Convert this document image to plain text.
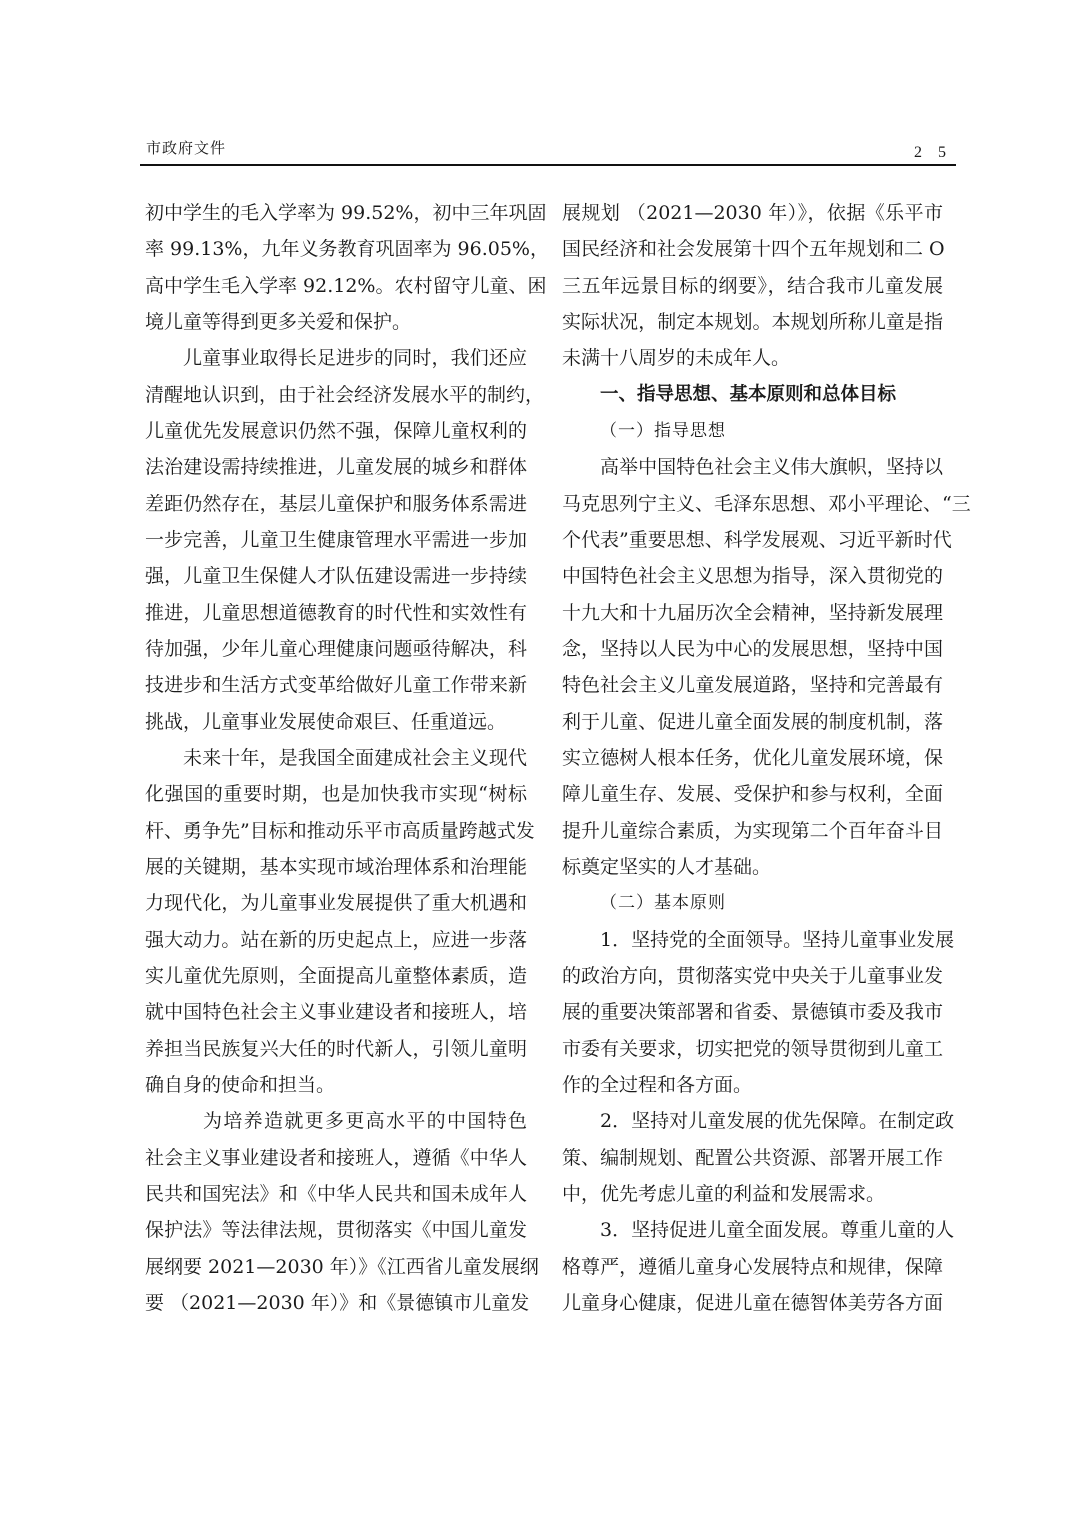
市政府文件	2 5
初中学生的毛入学率为 99.52%，初中三年巩固
率 99.13%，九年义务教育巩固率为 96.05%，
高中学生毛入学率 92.12%。农村留守儿童、困
境儿童等得到更多关爱和保护。
儿童事业取得长足进步的同时，我们还应
清醒地认识到，由于社会经济发展水平的制约，
儿童优先发展意识仍然不强，保障儿童权利的
法治建设需持续推进，儿童发展的城乡和群体
差距仍然存在，基层儿童保护和服务体系需进
一步完善，儿童卫生健康管理水平需进一步加
强，儿童卫生保健人才队伍建设需进一步持续
推进，儿童思想道德教育的时代性和实效性有
待加强，少年儿童心理健康问题亟待解决，科
技进步和生活方式变革给做好儿童工作带来新
挑战，儿童事业发展使命艰巨、任重道远。
未来十年，是我国全面建成社会主义现代
化强国的重要时期，也是加快我市实现“树标
杆、勇争先”目标和推动乐平市高质量跨越式发
展的关键期，基本实现市域治理体系和治理能
力现代化，为儿童事业发展提供了重大机遇和
强大动力。站在新的历史起点上，应进一步落
实儿童优先原则，全面提高儿童整体素质，造
就中国特色社会主义事业建设者和接班人，培
养担当民族复兴大任的时代新人，引领儿童明
确自身的使命和担当。
为培养造就更多更高水平的中国特色
社会主义事业建设者和接班人，遵循《中华人
民共和国宪法》和《中华人民共和国未成年人
保护法》等法律法规，贯彻落实《中国儿童发
展纲要 2021—2030 年）》《江西省儿童发展纲
要 （2021—2030 年）》和《景德镇市儿童发
展规划 （2021—2030 年）》，依据《乐平市
国民经济和社会发展第十四个五年规划和二 O
三五年远景目标的纲要》，结合我市儿童发展
实际状况，制定本规划。本规划所称儿童是指
未满十八周岁的未成年人。
一、指导思想、基本原则和总体目标
（一）指导思想
高举中国特色社会主义伟大旗帜，坚持以
马克思列宁主义、毛泽东思想、邓小平理论、“三
个代表”重要思想、科学发展观、习近平新时代
中国特色社会主义思想为指导，深入贯彻党的
十九大和十九届历次全会精神，坚持新发展理
念，坚持以人民为中心的发展思想，坚持中国
特色社会主义儿童发展道路，坚持和完善最有
利于儿童、促进儿童全面发展的制度机制，落
实立德树人根本任务，优化儿童发展环境，保
障儿童生存、发展、受保护和参与权利，全面
提升儿童综合素质，为实现第二个百年奋斗目
标奠定坚实的人才基础。
（二）基本原则
1．坚持党的全面领导。坚持儿童事业发展
的政治方向，贯彻落实党中央关于儿童事业发
展的重要决策部署和省委、景德镇市委及我市
市委有关要求，切实把党的领导贯彻到儿童工
作的全过程和各方面。
2．坚持对儿童发展的优先保障。在制定政
策、编制规划、配置公共资源、部署开展工作
中，优先考虑儿童的利益和发展需求。
3．坚持促进儿童全面发展。尊重儿童的人
格尊严，遵循儿童身心发展特点和规律，保障
儿童身心健康，促进儿童在德智体美劳各方面
